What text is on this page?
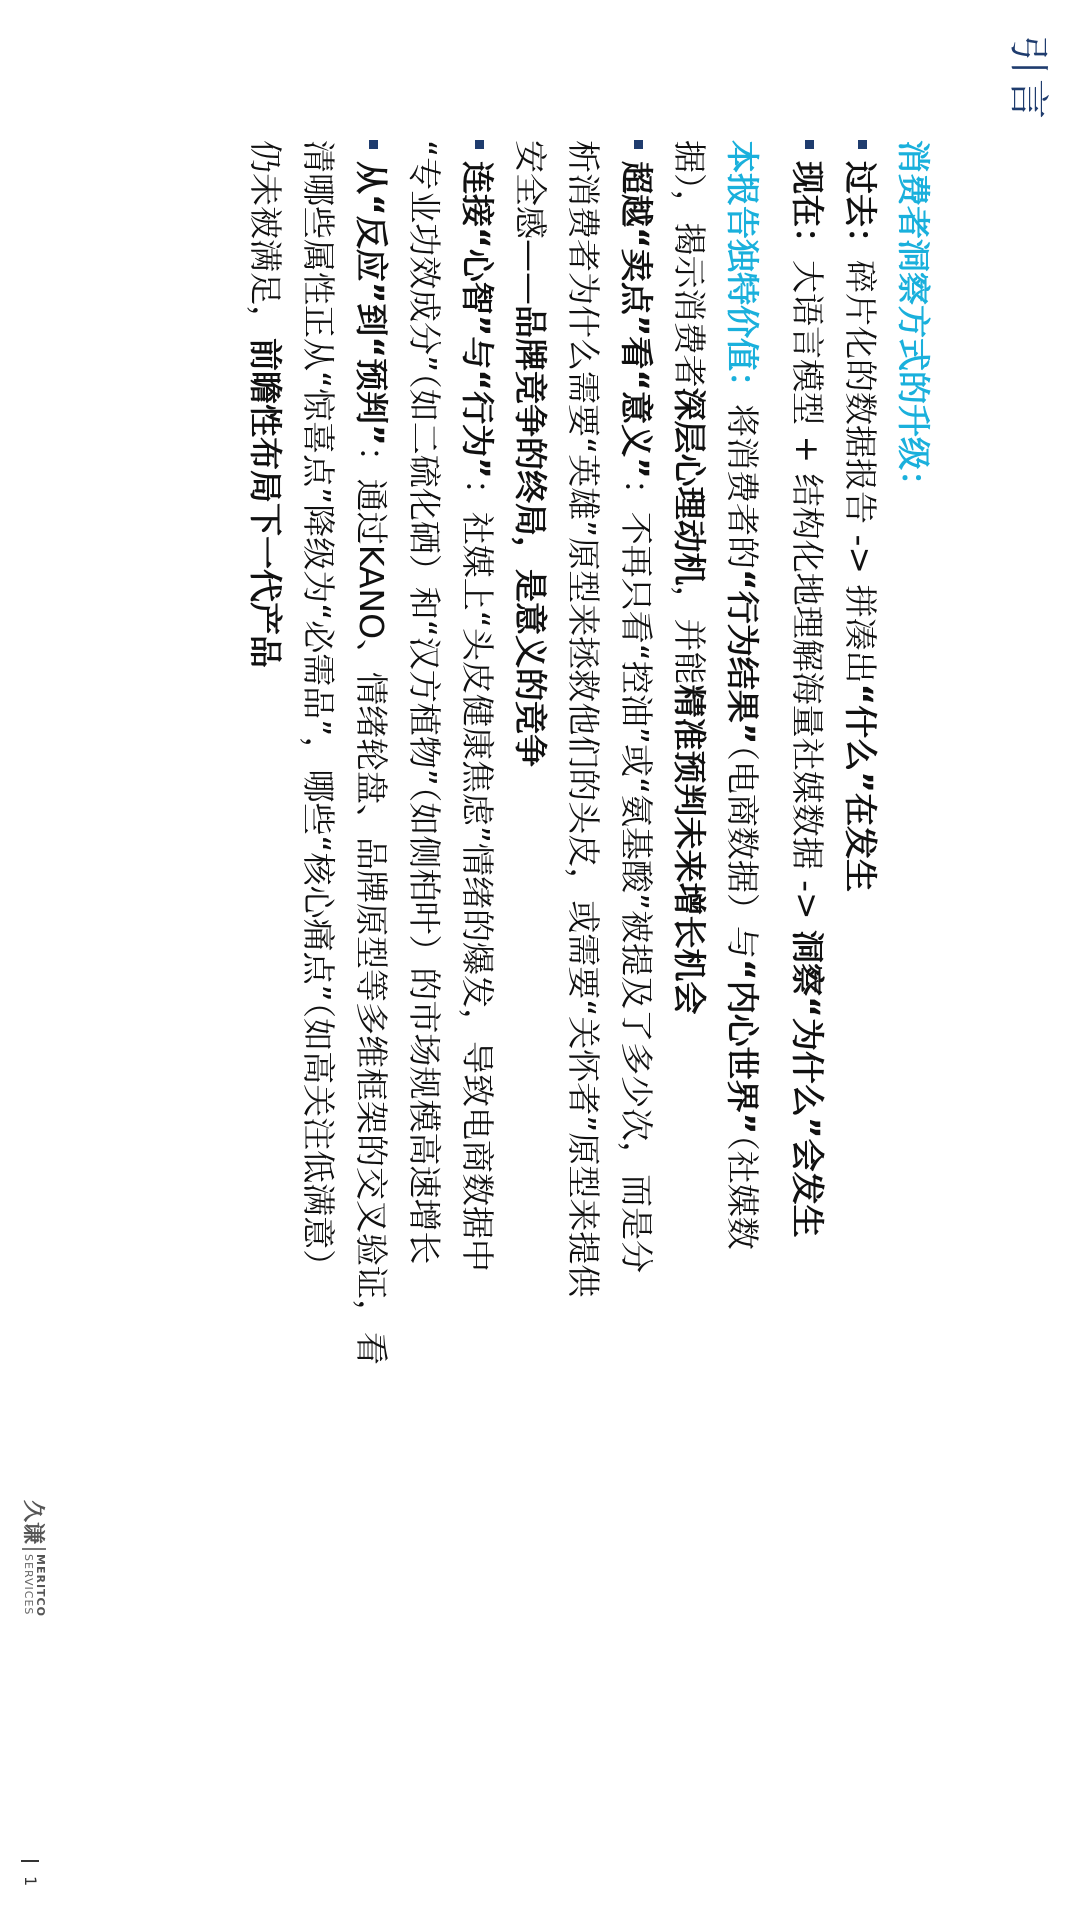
引言
消费者洞察方式的升级：
过去：碎片化的数据报告 -> 拼凑出“什么”在发生
现在：大语言模型 + 结构化地理解海量社媒数据 -> 洞察“为什么”会发生
本报告独特价值：将消费者的“行为结果”（电商数据）与“内心世界”（社媒数
据），揭示消费者深层心理动机，并能精准预判未来增长机会
超越“卖点”看“意义”：不再只看“控油”或“氨基酸”被提及了多少次，而是分
析消费者为什么需要“英雄”原型来拯救他们的头皮，或需要“关怀者”原型来提供
安全感——品牌竞争的终局，是意义的竞争
连接“心智”与“行为”：社媒上“头皮健康焦虑”情绪的爆发，导致电商数据中
“专业功效成分”（如二硫化硒）和“汉方植物”（如侧柏叶）的市场规模高速增长
从“反应”到“预判”：通过KANO、情绪轮盘、品牌原型等多维框架的交叉验证，看
清哪些属性正从“惊喜点”降级为“必需品”，哪些“核心痛点”（如高关注低满意）
仍未被满足，前瞻性布局下一代产品
久谦
MERITCO
SERVICES
1
